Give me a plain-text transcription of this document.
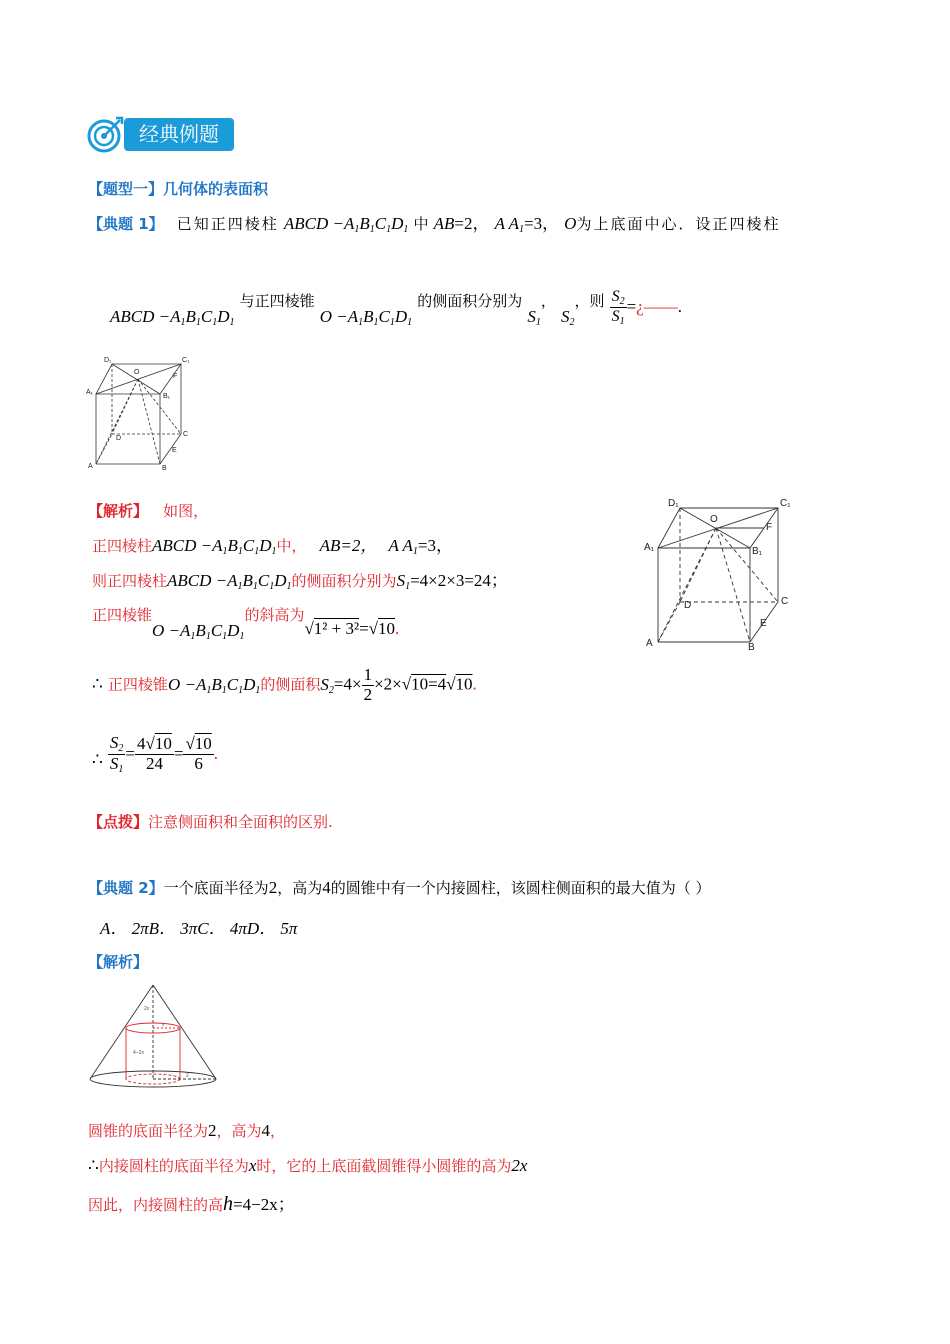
经典例题
【题型一】几何体的表面积
【典题 1】 已知正四棱柱 ABCD $-A_1B_1C_1D_1$ 中 AB=2， A $A_1=3$， O为上底面中心．设正四棱柱
ABCD $-A_1B_1C_1D_1$ 与正四棱锥 $O -A_1B_1C_1D_1$ 的侧面积分别为 $S_1$， $S_2$，则 $\frac{S_2}{S_1}$ =¿——.
D₁	C₁
A₁
O
F
B₁
D
C
A
E
B
D₁	C₁
A₁
O
F
B₁
D	C
A
E
B
【解析】 如图，
正四棱柱ABCD $-A_1B_1C_1D_1$中， AB=2， A $A_1=3$，
则正四棱柱ABCD $-A_1B_1C_1D_1$的侧面积分别为$S_1=4\times 2\times 3=24$；
正四棱锥$O -A_1B_1C_1D_1$的斜高为√1² + 3²=√10.
∴ 正四棱锥$O -A_1B_1C_1D_1$的侧面积$S_2=4\times \frac{1}{2} \times 2\times√10=4√10$.
∴ $\frac{S_2}{S_1} = \frac{4√10}{24} = \frac{√10}{6}$ .
【点拨】注意侧面积和全面积的区别.
【典题 2】一个底面半径为2，高为4的圆锥中有一个内接圆柱，该圆柱侧面积的最大值为（ ）
A． 2πB． 3πC． 4πD． 5π
【解析】
2x
x
4−2x
2
圆锥的底面半径为2，高为4，
∴内接圆柱的底面半径为x时，它的上底面截圆锥得小圆锥的高为2x
因此，内接圆柱的高h=4−2x；
